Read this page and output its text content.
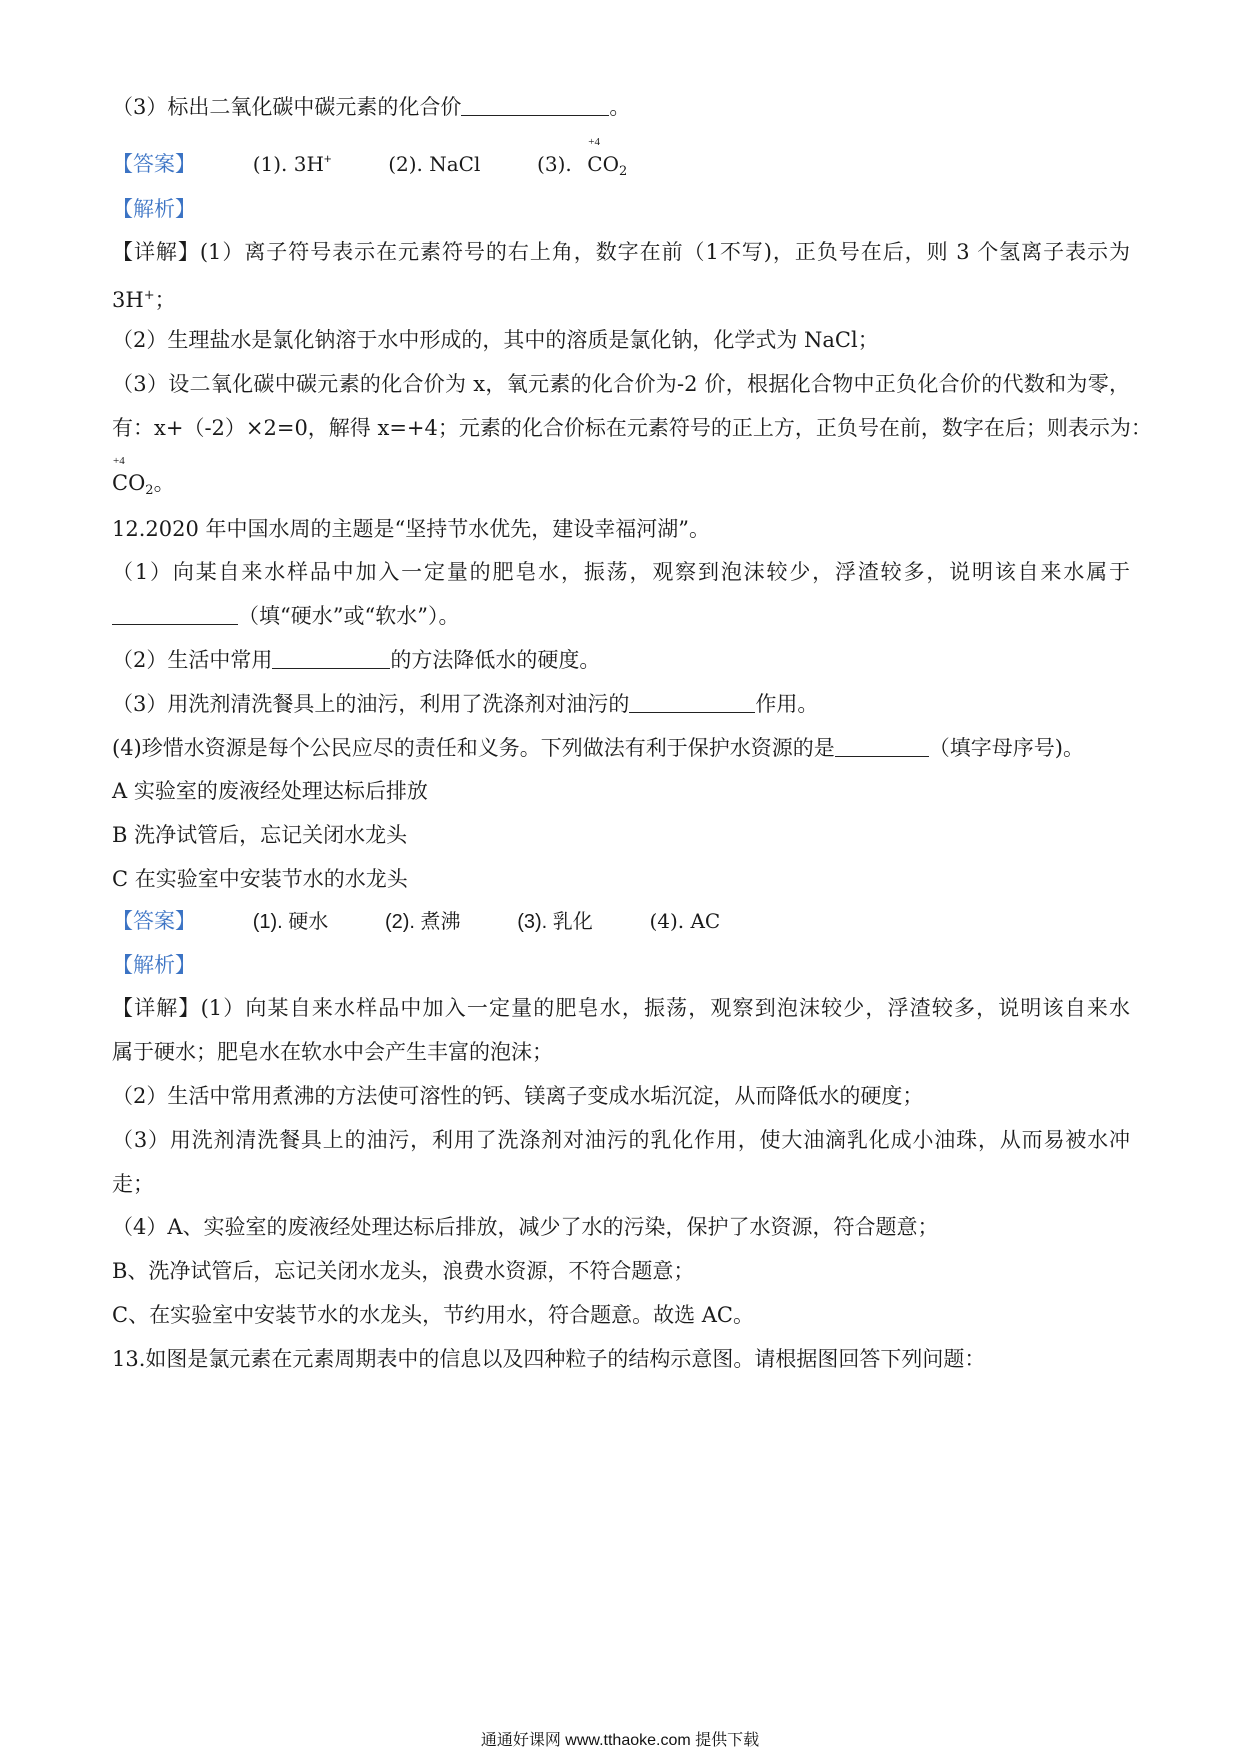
（3）标出二氧化碳中碳元素的化合价	。
【答案】	(1). 3H+	(2). NaCl	(3).
+4
$CO_2$
【解析】
【详解】(1）离子符号表示在元素符号的右上角，数字在前（1不写)，正负号在后，则 3 个氢离子表示为
3H+；
（2）生理盐水是氯化钠溶于水中形成的，其中的溶质是氯化钠，化学式为 NaCl；
（3）设二氧化碳中碳元素的化合价为 x，氧元素的化合价为-2 价，根据化合物中正负化合价的代数和为零，
有：x+（-2）×2=0，解得 x=+4；元素的化合价标在元素符号的正上方，正负号在前，数字在后；则表示为：
+4
$CO_2$。
12.2020 年中国水周的主题是“坚持节水优先，建设幸福河湖”。
（1）向某自来水样品中加入一定量的肥皂水，振荡，观察到泡沫较少，浮渣较多，说明该自来水属于
（填“硬水”或“软水”）。
（2）生活中常用	的方法降低水的硬度。
（3）用洗剂清洗餐具上的油污，利用了洗涤剂对油污的	作用。
(4)珍惜水资源是每个公民应尽的责任和义务。下列做法有利于保护水资源的是	（填字母序号)。
A 实验室的废液经处理达标后排放
B 洗净试管后，忘记关闭水龙头
C 在实验室中安装节水的水龙头
【答案】	(1). 硬水	(2). 煮沸	(3). 乳化	(4). AC
【解析】
【详解】(1）向某自来水样品中加入一定量的肥皂水，振荡，观察到泡沫较少，浮渣较多，说明该自来水
属于硬水；肥皂水在软水中会产生丰富的泡沫；
（2）生活中常用煮沸的方法使可溶性的钙、镁离子变成水垢沉淀，从而降低水的硬度；
（3）用洗剂清洗餐具上的油污，利用了洗涤剂对油污的乳化作用，使大油滴乳化成小油珠，从而易被水冲
走；
（4）A、实验室的废液经处理达标后排放，减少了水的污染，保护了水资源，符合题意；
B、洗净试管后，忘记关闭水龙头，浪费水资源，不符合题意；
C、在实验室中安装节水的水龙头，节约用水，符合题意。故选 AC。
13.如图是氯元素在元素周期表中的信息以及四种粒子的结构示意图。请根据图回答下列问题：
通通好课网 www.tthaoke.com 提供下载
